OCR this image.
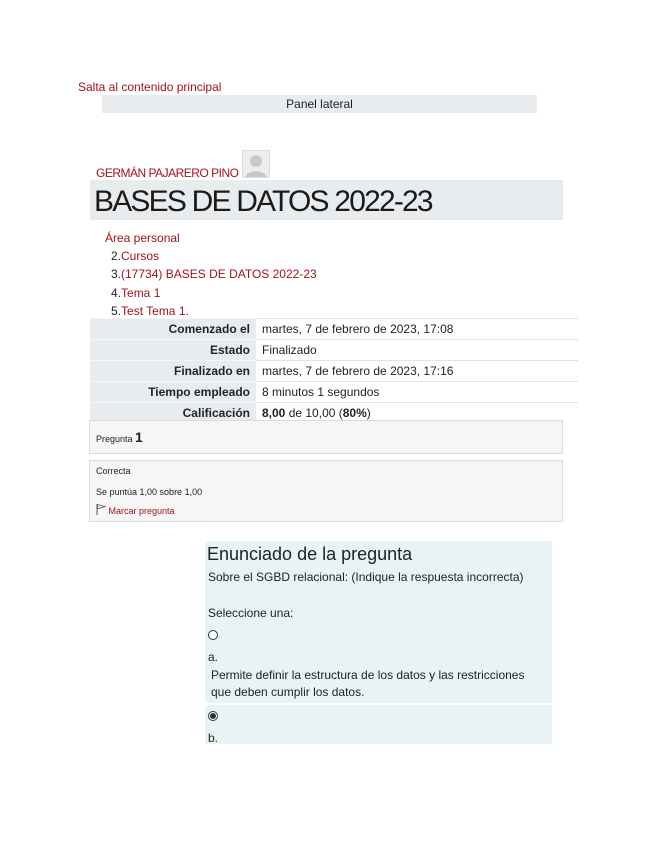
Salta al contenido principal
Panel lateral
GERMÁN PAJARERO PINO
BASES DE DATOS 2022-23
Área personal
2.Cursos
3.(17734) BASES DE DATOS 2022-23
4.Tema 1
5.Test Tema 1.
Comenzado el	martes, 7 de febrero de 2023, 17:08
Estado	Finalizado
Finalizado en	martes, 7 de febrero de 2023, 17:16
Tiempo empleado	8 minutos 1 segundos
Calificación	8,00 de 10,00 (80%)
Pregunta 1
Correcta
Se puntúa 1,00 sobre 1,00
Marcar pregunta
Enunciado de la pregunta
Sobre el SGBD relacional: (Indique la respuesta incorrecta)
Seleccione una:
a.
Permite definir la estructura de los datos y las restricciones
que deben cumplir los datos.
b.
